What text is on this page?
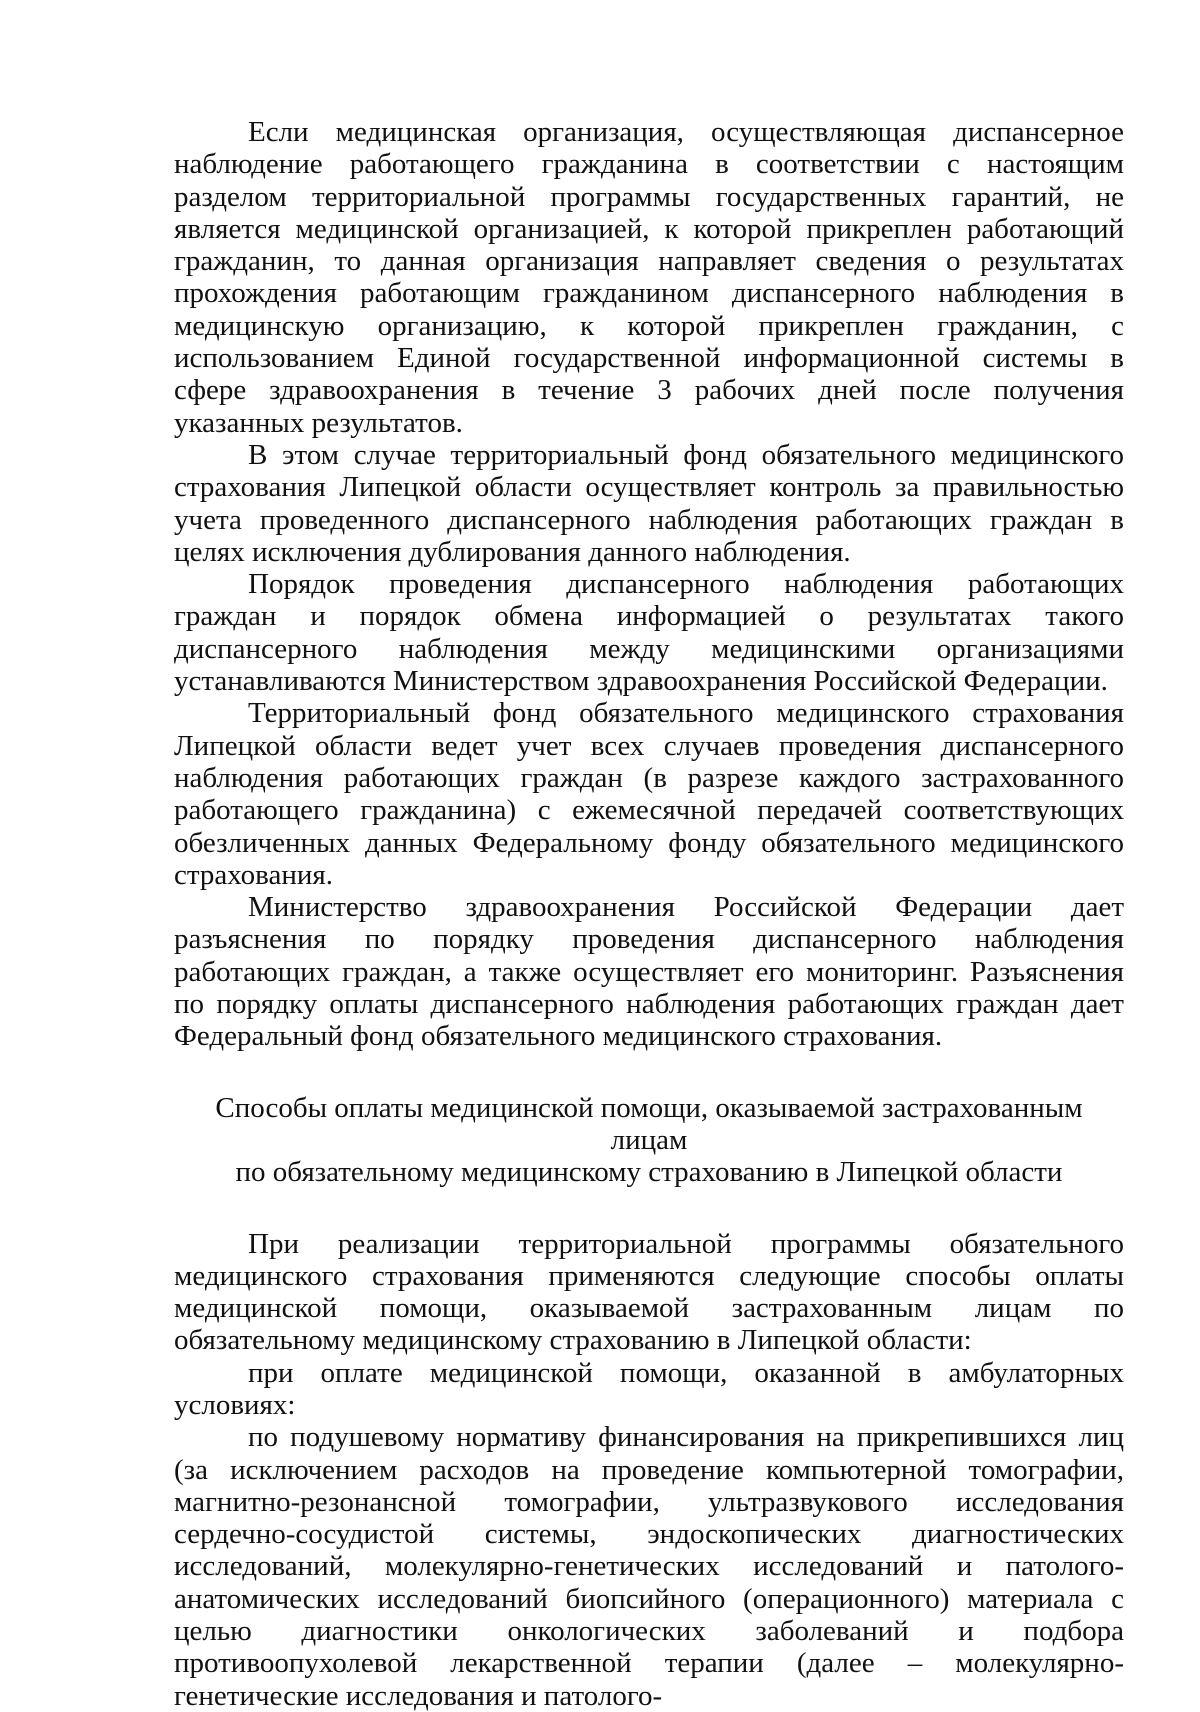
Если медицинская организация, осуществляющая диспансерное наблюдение работающего гражданина в соответствии с настоящим разделом территориальной программы государственных гарантий, не является медицинской организацией, к которой прикреплен работающий гражданин, то данная организация направляет сведения о результатах прохождения работающим гражданином диспансерного наблюдения в медицинскую организацию, к которой прикреплен гражданин, с использованием Единой государственной информационной системы в сфере здравоохранения в течение 3 рабочих дней после получения указанных результатов.

В этом случае территориальный фонд обязательного медицинского страхования Липецкой области осуществляет контроль за правильностью учета проведенного диспансерного наблюдения работающих граждан в целях исключения дублирования данного наблюдения.

Порядок проведения диспансерного наблюдения работающих граждан и порядок обмена информацией о результатах такого диспансерного наблюдения между медицинскими организациями устанавливаются Министерством здравоохранения Российской Федерации.

Территориальный фонд обязательного медицинского страхования Липецкой области ведет учет всех случаев проведения диспансерного наблюдения работающих граждан (в разрезе каждого застрахованного работающего гражданина) с ежемесячной передачей соответствующих обезличенных данных Федеральному фонду обязательного медицинского страхования.

Министерство здравоохранения Российской Федерации дает разъяснения по порядку проведения диспансерного наблюдения работающих граждан, а также осуществляет его мониторинг. Разъяснения по порядку оплаты диспансерного наблюдения работающих граждан дает Федеральный фонд обязательного медицинского страхования.

Способы оплаты медицинской помощи, оказываемой застрахованным лицам

по обязательному медицинскому страхованию в Липецкой области

При реализации территориальной программы обязательного медицинского страхования применяются следующие способы оплаты медицинской помощи, оказываемой застрахованным лицам по обязательному медицинскому страхованию в Липецкой области:

при оплате медицинской помощи, оказанной в амбулаторных условиях:

по подушевому нормативу финансирования на прикрепившихся лиц (за исключением расходов на проведение компьютерной томографии, магнитно-резонансной томографии, ультразвукового исследования сердечно-сосудистой системы, эндоскопических диагностических исследований, молекулярно-генетических исследований и патолого-анатомических исследований биопсийного (операционного) материала с целью диагностики онкологических заболеваний и подбора противоопухолевой лекарственной терапии (далее – молекулярно-генетические исследования и патолого-
